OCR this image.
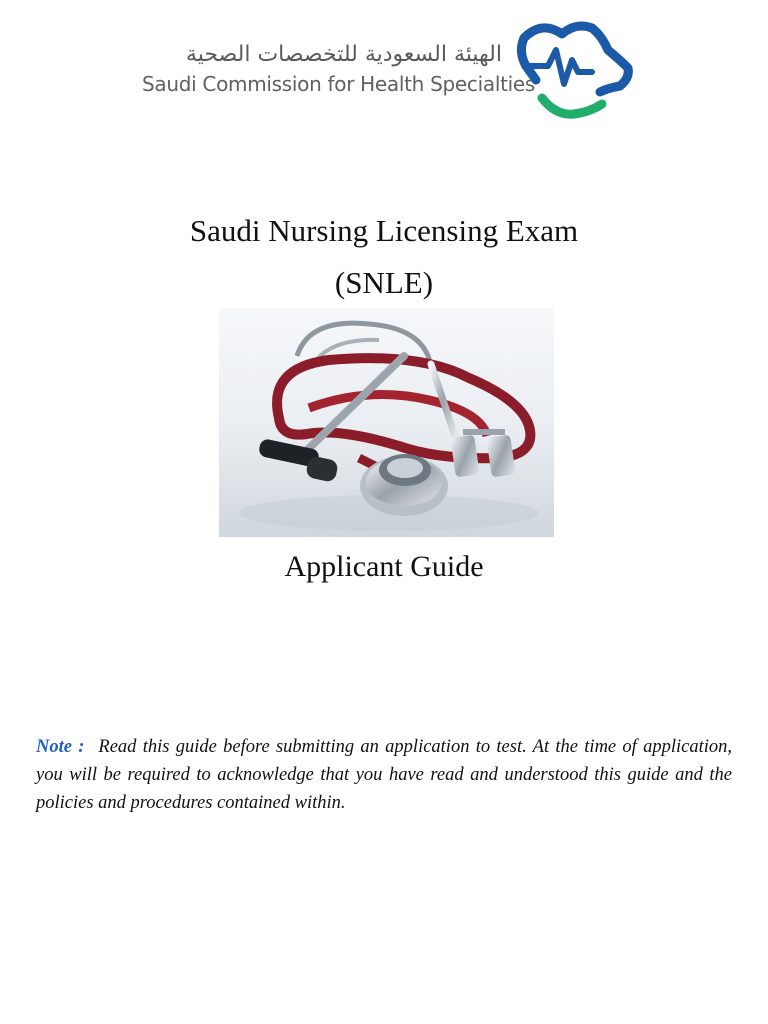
الهيئة السعودية للتخصصات الصحية
Saudi Commission for Health Specialties
Saudi Nursing Licensing Exam
(SNLE)
Applicant Guide
Note : Read this guide before submitting an application to test. At the time of application, you will be required to acknowledge that you have read and understood this guide and the policies and procedures contained within.
